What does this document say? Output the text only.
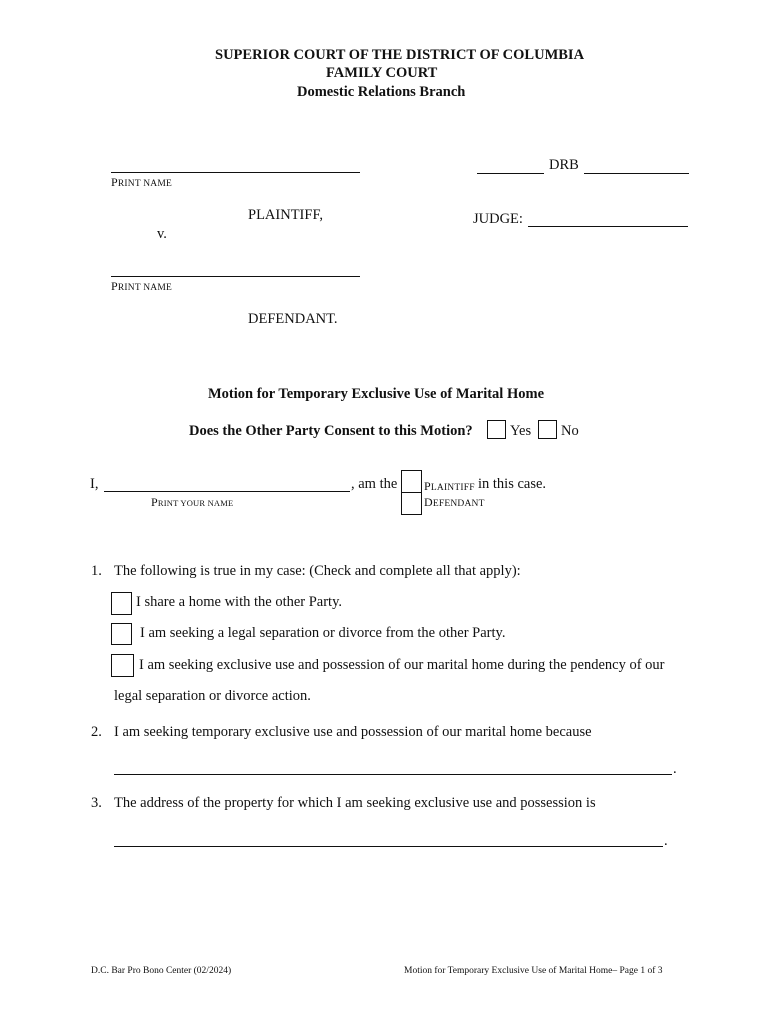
SUPERIOR COURT OF THE DISTRICT OF COLUMBIA
FAMILY COURT
Domestic Relations Branch
PRINT NAME
PLAINTIFF,
v.
PRINT NAME
DEFENDANT.
DRB
JUDGE:
Motion for Temporary Exclusive Use of Marital Home
Does the Other Party Consent to this Motion?	Yes No
I,	, am the
PRINT YOUR NAME
PLAINTIFF in this case.
DEFENDANT
1. The following is true in my case: (Check and complete all that apply):
I share a home with the other Party.
I am seeking a legal separation or divorce from the other Party.
I am seeking exclusive use and possession of our marital home during the pendency of our
legal separation or divorce action.
2. I am seeking temporary exclusive use and possession of our marital home because
.
3. The address of the property for which I am seeking exclusive use and possession is
.
D.C. Bar Pro Bono Center (02/2024)	Motion for Temporary Exclusive Use of Marital Home– Page 1 of 3
